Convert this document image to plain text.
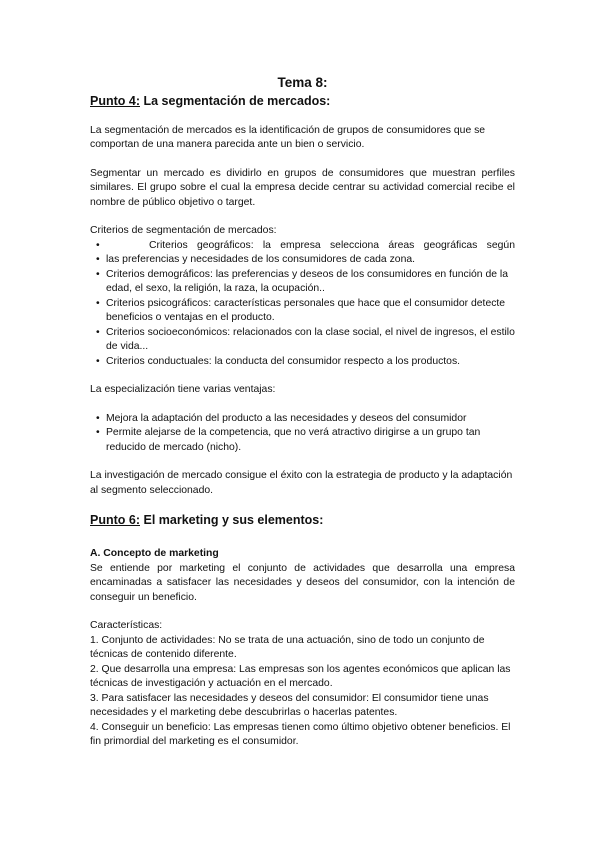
Tema 8:
Punto 4: La segmentación de mercados:

La segmentación de mercados es la identificación de grupos de consumidores que se comportan de una manera parecida ante un bien o servicio.

Segmentar un mercado es dividirlo en grupos de consumidores que muestran perfiles similares. El grupo sobre el cual la empresa decide centrar su actividad comercial recibe el nombre de público objetivo o target.

Criterios de segmentación de mercados:

• Criterios geográficos: la empresa selecciona áreas geográficas según
• las preferencias y necesidades de los consumidores de cada zona.
• Criterios demográficos: las preferencias y deseos de los consumidores en función de la edad, el sexo, la religión, la raza, la ocupación..
• Criterios psicográficos: características personales que hace que el consumidor detecte beneficios o ventajas en el producto.
• Criterios socioeconómicos: relacionados con la clase social, el nivel de ingresos, el estilo de vida...
• Criterios conductuales: la conducta del consumidor respecto a los productos.

La especialización tiene varias ventajas:

• Mejora la adaptación del producto a las necesidades y deseos del consumidor
• Permite alejarse de la competencia, que no verá atractivo dirigirse a un grupo tan reducido de mercado (nicho).

La investigación de mercado consigue el éxito con la estrategia de producto y la adaptación al segmento seleccionado.

Punto 6: El marketing y sus elementos:
A. Concepto de marketing

Se entiende por marketing el conjunto de actividades que desarrolla una empresa encaminadas a satisfacer las necesidades y deseos del consumidor, con la intención de conseguir un beneficio.

Características:

1. Conjunto de actividades: No se trata de una actuación, sino de todo un conjunto de técnicas de contenido diferente.
2. Que desarrolla una empresa: Las empresas son los agentes económicos que aplican las técnicas de investigación y actuación en el mercado.
3. Para satisfacer las necesidades y deseos del consumidor: El consumidor tiene unas necesidades y el marketing debe descubrirlas o hacerlas patentes.
4. Conseguir un beneficio: Las empresas tienen como último objetivo obtener beneficios. El fin primordial del marketing es el consumidor.
